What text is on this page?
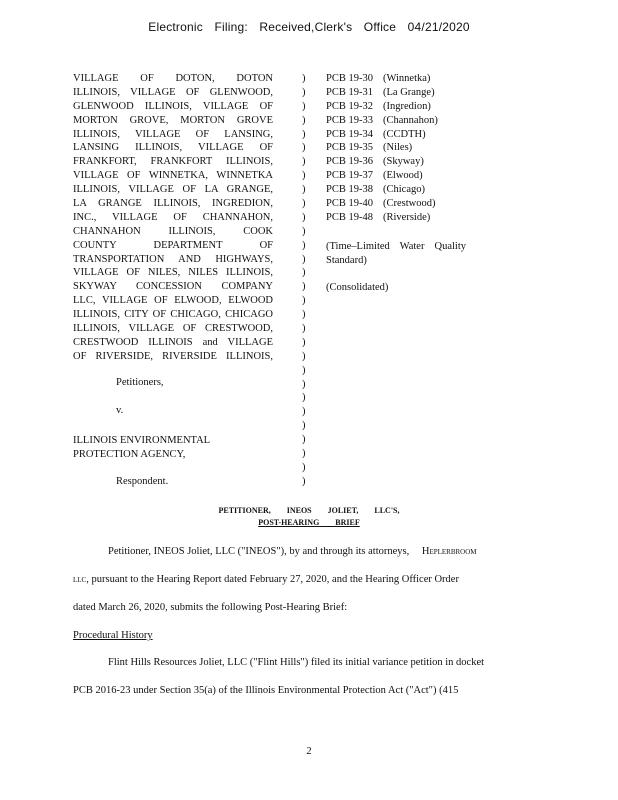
Electronic Filing: Received,Clerk's Office 04/21/2020
VILLAGE OF DOTON, DOTON
ILLINOIS, VILLAGE OF GLENWOOD,
GLENWOOD ILLINOIS, VILLAGE OF
MORTON GROVE, MORTON GROVE
ILLINOIS, VILLAGE OF LANSING,
LANSING ILLINOIS, VILLAGE OF
FRANKFORT, FRANKFORT ILLINOIS,
VILLAGE OF WINNETKA, WINNETKA
ILLINOIS, VILLAGE OF LA GRANGE,
LA GRANGE ILLINOIS, INGREDION,
INC., VILLAGE OF CHANNAHON,
CHANNAHON ILLINOIS, COOK
COUNTY DEPARTMENT OF
TRANSPORTATION AND HIGHWAYS,
VILLAGE OF NILES, NILES ILLINOIS,
SKYWAY CONCESSION COMPANY
LLC, VILLAGE OF ELWOOD, ELWOOD
ILLINOIS, CITY OF CHICAGO, CHICAGO
ILLINOIS, VILLAGE OF CRESTWOOD,
CRESTWOOD ILLINOIS and VILLAGE
OF RIVERSIDE, RIVERSIDE ILLINOIS,
Petitioners,
v.
ILLINOIS ENVIRONMENTAL
PROTECTION AGENCY,
Respondent.
)
)
)
)
)
)
)
)
)
)
)
)
)
)
)
)
)
)
)
)
)
)
)
)
)
)
)
)
)
)
PCB 19-30 (Winnetka)
PCB 19-31 (La Grange)
PCB 19-32 (Ingredion)
PCB 19-33 (Channahon)
PCB 19-34 (CCDTH)
PCB 19-35 (Niles)
PCB 19-36 (Skyway)
PCB 19-37 (Elwood)
PCB 19-38 (Chicago)
PCB 19-40 (Crestwood)
PCB 19-48 (Riverside)
(Time–Limited Water Quality Standard)
(Consolidated)
PETITIONER, INEOS JOLIET, LLC'S,
POST-HEARING BRIEF
Petitioner, INEOS Joliet, LLC ("INEOS"), by and through its attorneys, Heplerbroom
llc, pursuant to the Hearing Report dated February 27, 2020, and the Hearing Officer Order
dated March 26, 2020, submits the following Post-Hearing Brief:
Procedural History
Flint Hills Resources Joliet, LLC ("Flint Hills") filed its initial variance petition in docket
PCB 2016-23 under Section 35(a) of the Illinois Environmental Protection Act ("Act") (415
2
